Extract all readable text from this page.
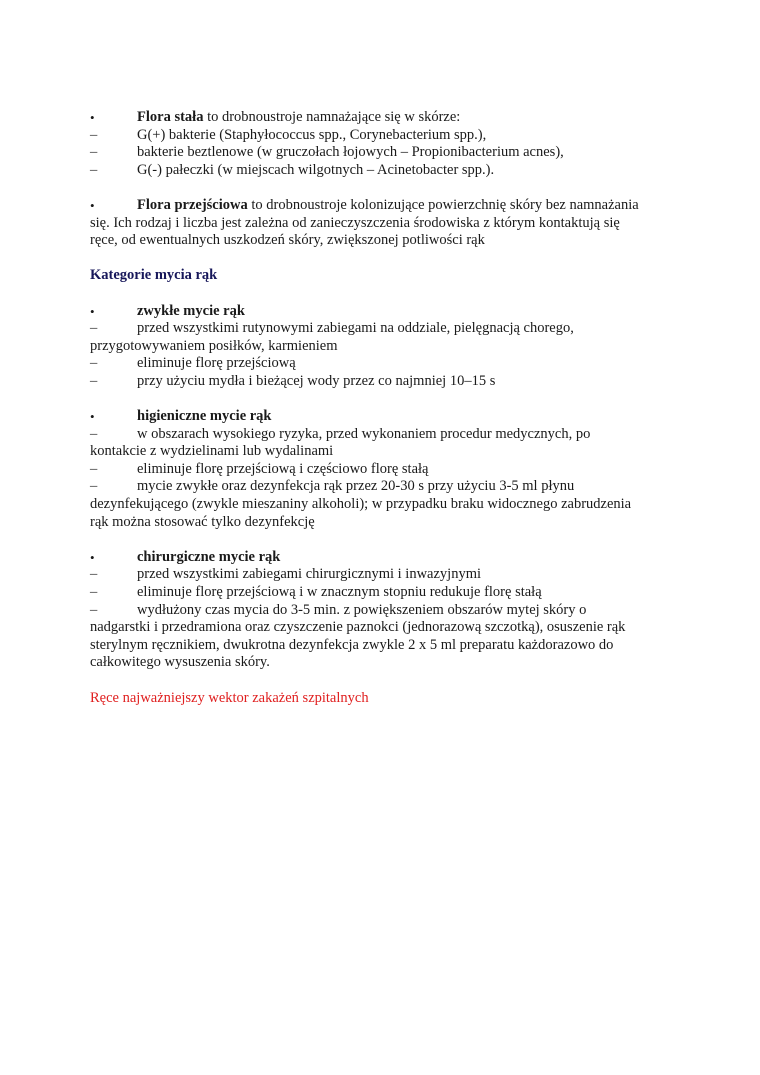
•	Flora stała to drobnoustroje namnażające się w skórze:
–	G(+) bakterie (Staphyłococcus spp., Corynebacterium spp.),
–	bakterie beztlenowe (w gruczołach łojowych – Propionibacterium acnes),
–	G(-) pałeczki (w miejscach wilgotnych – Acinetobacter spp.).
•	Flora przejściowa to drobnoustroje kolonizujące powierzchnię skóry bez namnażania
się. Ich rodzaj i liczba jest zależna od zanieczyszczenia środowiska z którym kontaktują się
ręce, od ewentualnych uszkodzeń skóry, zwiększonej potliwości rąk
Kategorie mycia rąk
•	zwykłe mycie rąk
–	przed wszystkimi rutynowymi zabiegami na oddziale, pielęgnacją chorego,
przygotowywaniem posiłków, karmieniem
–	eliminuje florę przejściową
–	przy użyciu mydła i bieżącej wody przez co najmniej 10–15 s
•	higieniczne mycie rąk
–	w obszarach wysokiego ryzyka, przed wykonaniem procedur medycznych, po
kontakcie z wydzielinami lub wydalinami
–	eliminuje florę przejściową i częściowo florę stałą
–	mycie zwykłe oraz dezynfekcja rąk przez 20-30 s przy użyciu 3-5 ml płynu
dezynfekującego (zwykle mieszaniny alkoholi); w przypadku braku widocznego zabrudzenia
rąk można stosować tylko dezynfekcję
•	chirurgiczne mycie rąk
–	przed wszystkimi zabiegami chirurgicznymi i inwazyjnymi
–	eliminuje florę przejściową i w znacznym stopniu redukuje florę stałą
–	wydłużony czas mycia do 3-5 min. z powiększeniem obszarów mytej skóry o
nadgarstki i przedramiona oraz czyszczenie paznokci (jednorazową szczotką), osuszenie rąk
sterylnym ręcznikiem, dwukrotna dezynfekcja zwykle 2 x 5 ml preparatu każdorazowo do
całkowitego wysuszenia skóry.
Ręce najważniejszy wektor zakażeń szpitalnych
